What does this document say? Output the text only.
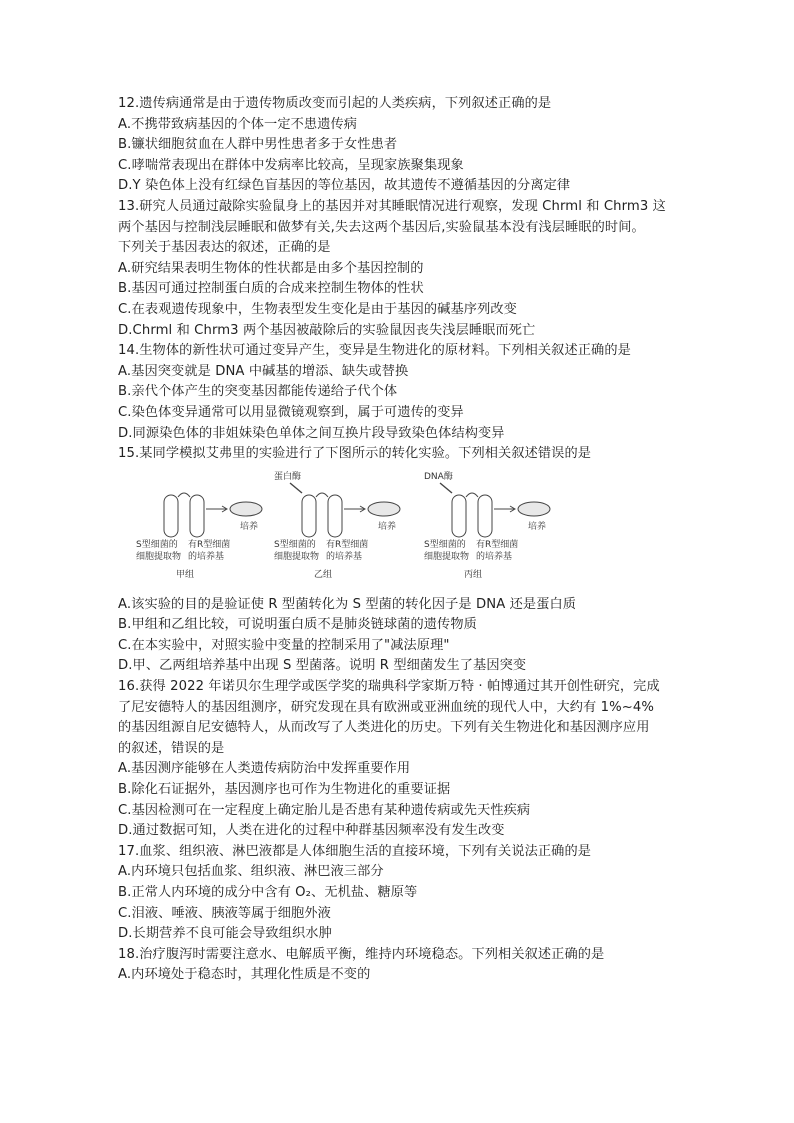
12.遗传病通常是由于遗传物质改变而引起的人类疾病，下列叙述正确的是
A.不携带致病基因的个体一定不患遗传病
B.镰状细胞贫血在人群中男性患者多于女性患者
C.哮喘常表现出在群体中发病率比较高，呈现家族聚集现象
D.Y 染色体上没有红绿色盲基因的等位基因，故其遗传不遵循基因的分离定律
13.研究人员通过敲除实验鼠身上的基因并对其睡眠情况进行观察，发现 Chrml 和 Chrm3 这
两个基因与控制浅层睡眠和做梦有关,失去这两个基因后,实验鼠基本没有浅层睡眠的时间。
下列关于基因表达的叙述，正确的是
A.研究结果表明生物体的性状都是由多个基因控制的
B.基因可通过控制蛋白质的合成来控制生物体的性状
C.在表观遗传现象中，生物表型发生变化是由于基因的碱基序列改变
D.Chrml 和 Chrm3 两个基因被敲除后的实验鼠因丧失浅层睡眠而死亡
14.生物体的新性状可通过变异产生，变异是生物进化的原材料。下列相关叙述正确的是
A.基因突变就是 DNA 中碱基的增添、缺失或替换
B.亲代个体产生的突变基因都能传递给子代个体
C.染色体变异通常可以用显微镜观察到，属于可遗传的变异
D.同源染色体的非姐妹染色单体之间互换片段导致染色体结构变异
15.某同学模拟艾弗里的实验进行了下图所示的转化实验。下列相关叙述错误的是
培养
S型细菌的
细胞提取物
有R型细菌
的培养基
甲组
蛋白酶
培养
S型细菌的
细胞提取物
有R型细菌
的培养基
乙组
DNA酶
培养
S型细菌的
细胞提取物
有R型细菌
的培养基
丙组
A.该实验的目的是验证使 R 型菌转化为 S 型菌的转化因子是 DNA 还是蛋白质
B.甲组和乙组比较，可说明蛋白质不是肺炎链球菌的遗传物质
C.在本实验中，对照实验中变量的控制采用了"减法原理"
D.甲、乙两组培养基中出现 S 型菌落。说明 R 型细菌发生了基因突变
16.获得 2022 年诺贝尔生理学或医学奖的瑞典科学家斯万特 · 帕博通过其开创性研究，完成
了尼安德特人的基因组测序，研究发现在具有欧洲或亚洲血统的现代人中，大约有 1%~4%
的基因组源自尼安德特人，从而改写了人类进化的历史。下列有关生物进化和基因测序应用
的叙述，错误的是
A.基因测序能够在人类遗传病防治中发挥重要作用
B.除化石证据外，基因测序也可作为生物进化的重要证据
C.基因检测可在一定程度上确定胎儿是否患有某种遗传病或先天性疾病
D.通过数据可知，人类在进化的过程中种群基因频率没有发生改变
17.血浆、组织液、淋巴液都是人体细胞生活的直接环境，下列有关说法正确的是
A.内环境只包括血浆、组织液、淋巴液三部分
B.正常人内环境的成分中含有 O₂、无机盐、糖原等
C.泪液、唾液、胰液等属于细胞外液
D.长期营养不良可能会导致组织水肿
18.治疗腹泻时需要注意水、电解质平衡，维持内环境稳态。下列相关叙述正确的是
A.内环境处于稳态时，其理化性质是不变的
